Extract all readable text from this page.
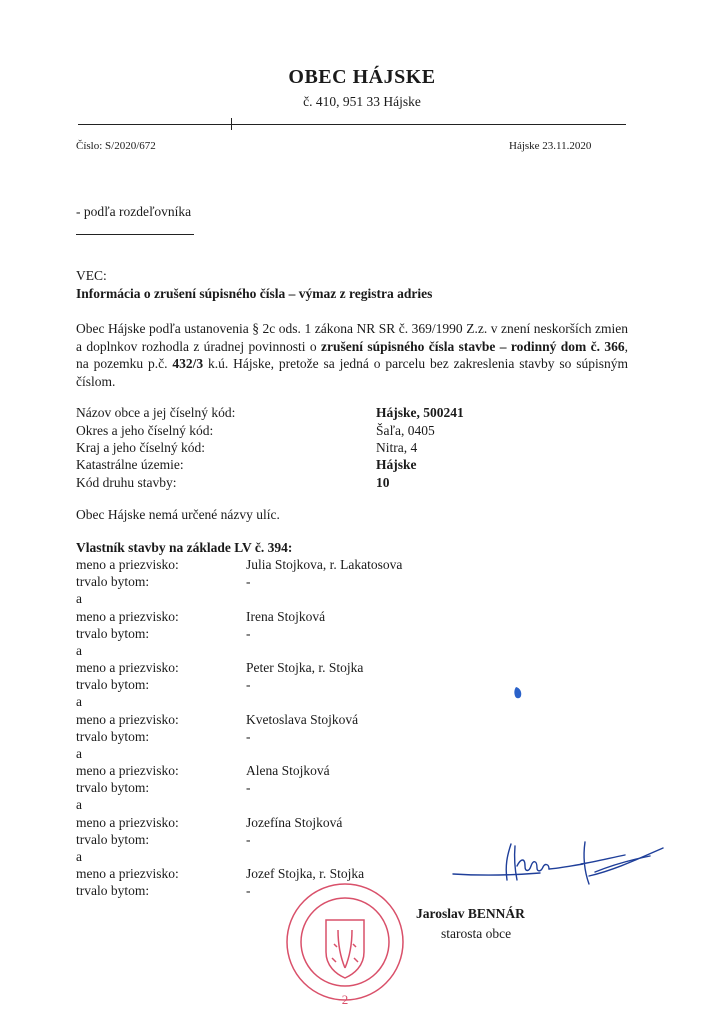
OBEC HÁJSKE
č. 410, 951 33 Hájske
Číslo: S/2020/672	Hájske 23.11.2020
- podľa rozdeľovníka
VEC:
Informácia o zrušení súpisného čísla – výmaz z registra adries
Obec Hájske podľa ustanovenia § 2c ods. 1 zákona NR SR č. 369/1990 Z.z. v znení neskorších zmien a doplnkov rozhodla z úradnej povinnosti o zrušení súpisného čísla stavbe – rodinný dom č. 366, na pozemku p.č. 432/3 k.ú. Hájske, pretože sa jedná o parcelu bez zakreslenia stavby so súpisným číslom.
Názov obce a jej číselný kód:	Hájske, 500241
Okres a jeho číselný kód:	Šaľa, 0405
Kraj a jeho číselný kód:	Nitra, 4
Katastrálne územie:	Hájske
Kód druhu stavby:	10
Obec Hájske nemá určené názvy ulíc.
Vlastník stavby na základe LV č. 394:
meno a priezvisko:	Julia Stojkova, r. Lakatosova
trvalo bytom:	-
a
meno a priezvisko:	Irena Stojková
trvalo bytom:	-
a
meno a priezvisko:	Peter Stojka, r. Stojka
trvalo bytom:	-
a
meno a priezvisko:	Kvetoslava Stojková
trvalo bytom:	-
a
meno a priezvisko:	Alena Stojková
trvalo bytom:	-
a
meno a priezvisko:	Jozefína Stojková
trvalo bytom:	-
a
meno a priezvisko:	Jozef Stojka, r. Stojka
trvalo bytom:	-
2
Jaroslav BENNÁR
starosta obce
